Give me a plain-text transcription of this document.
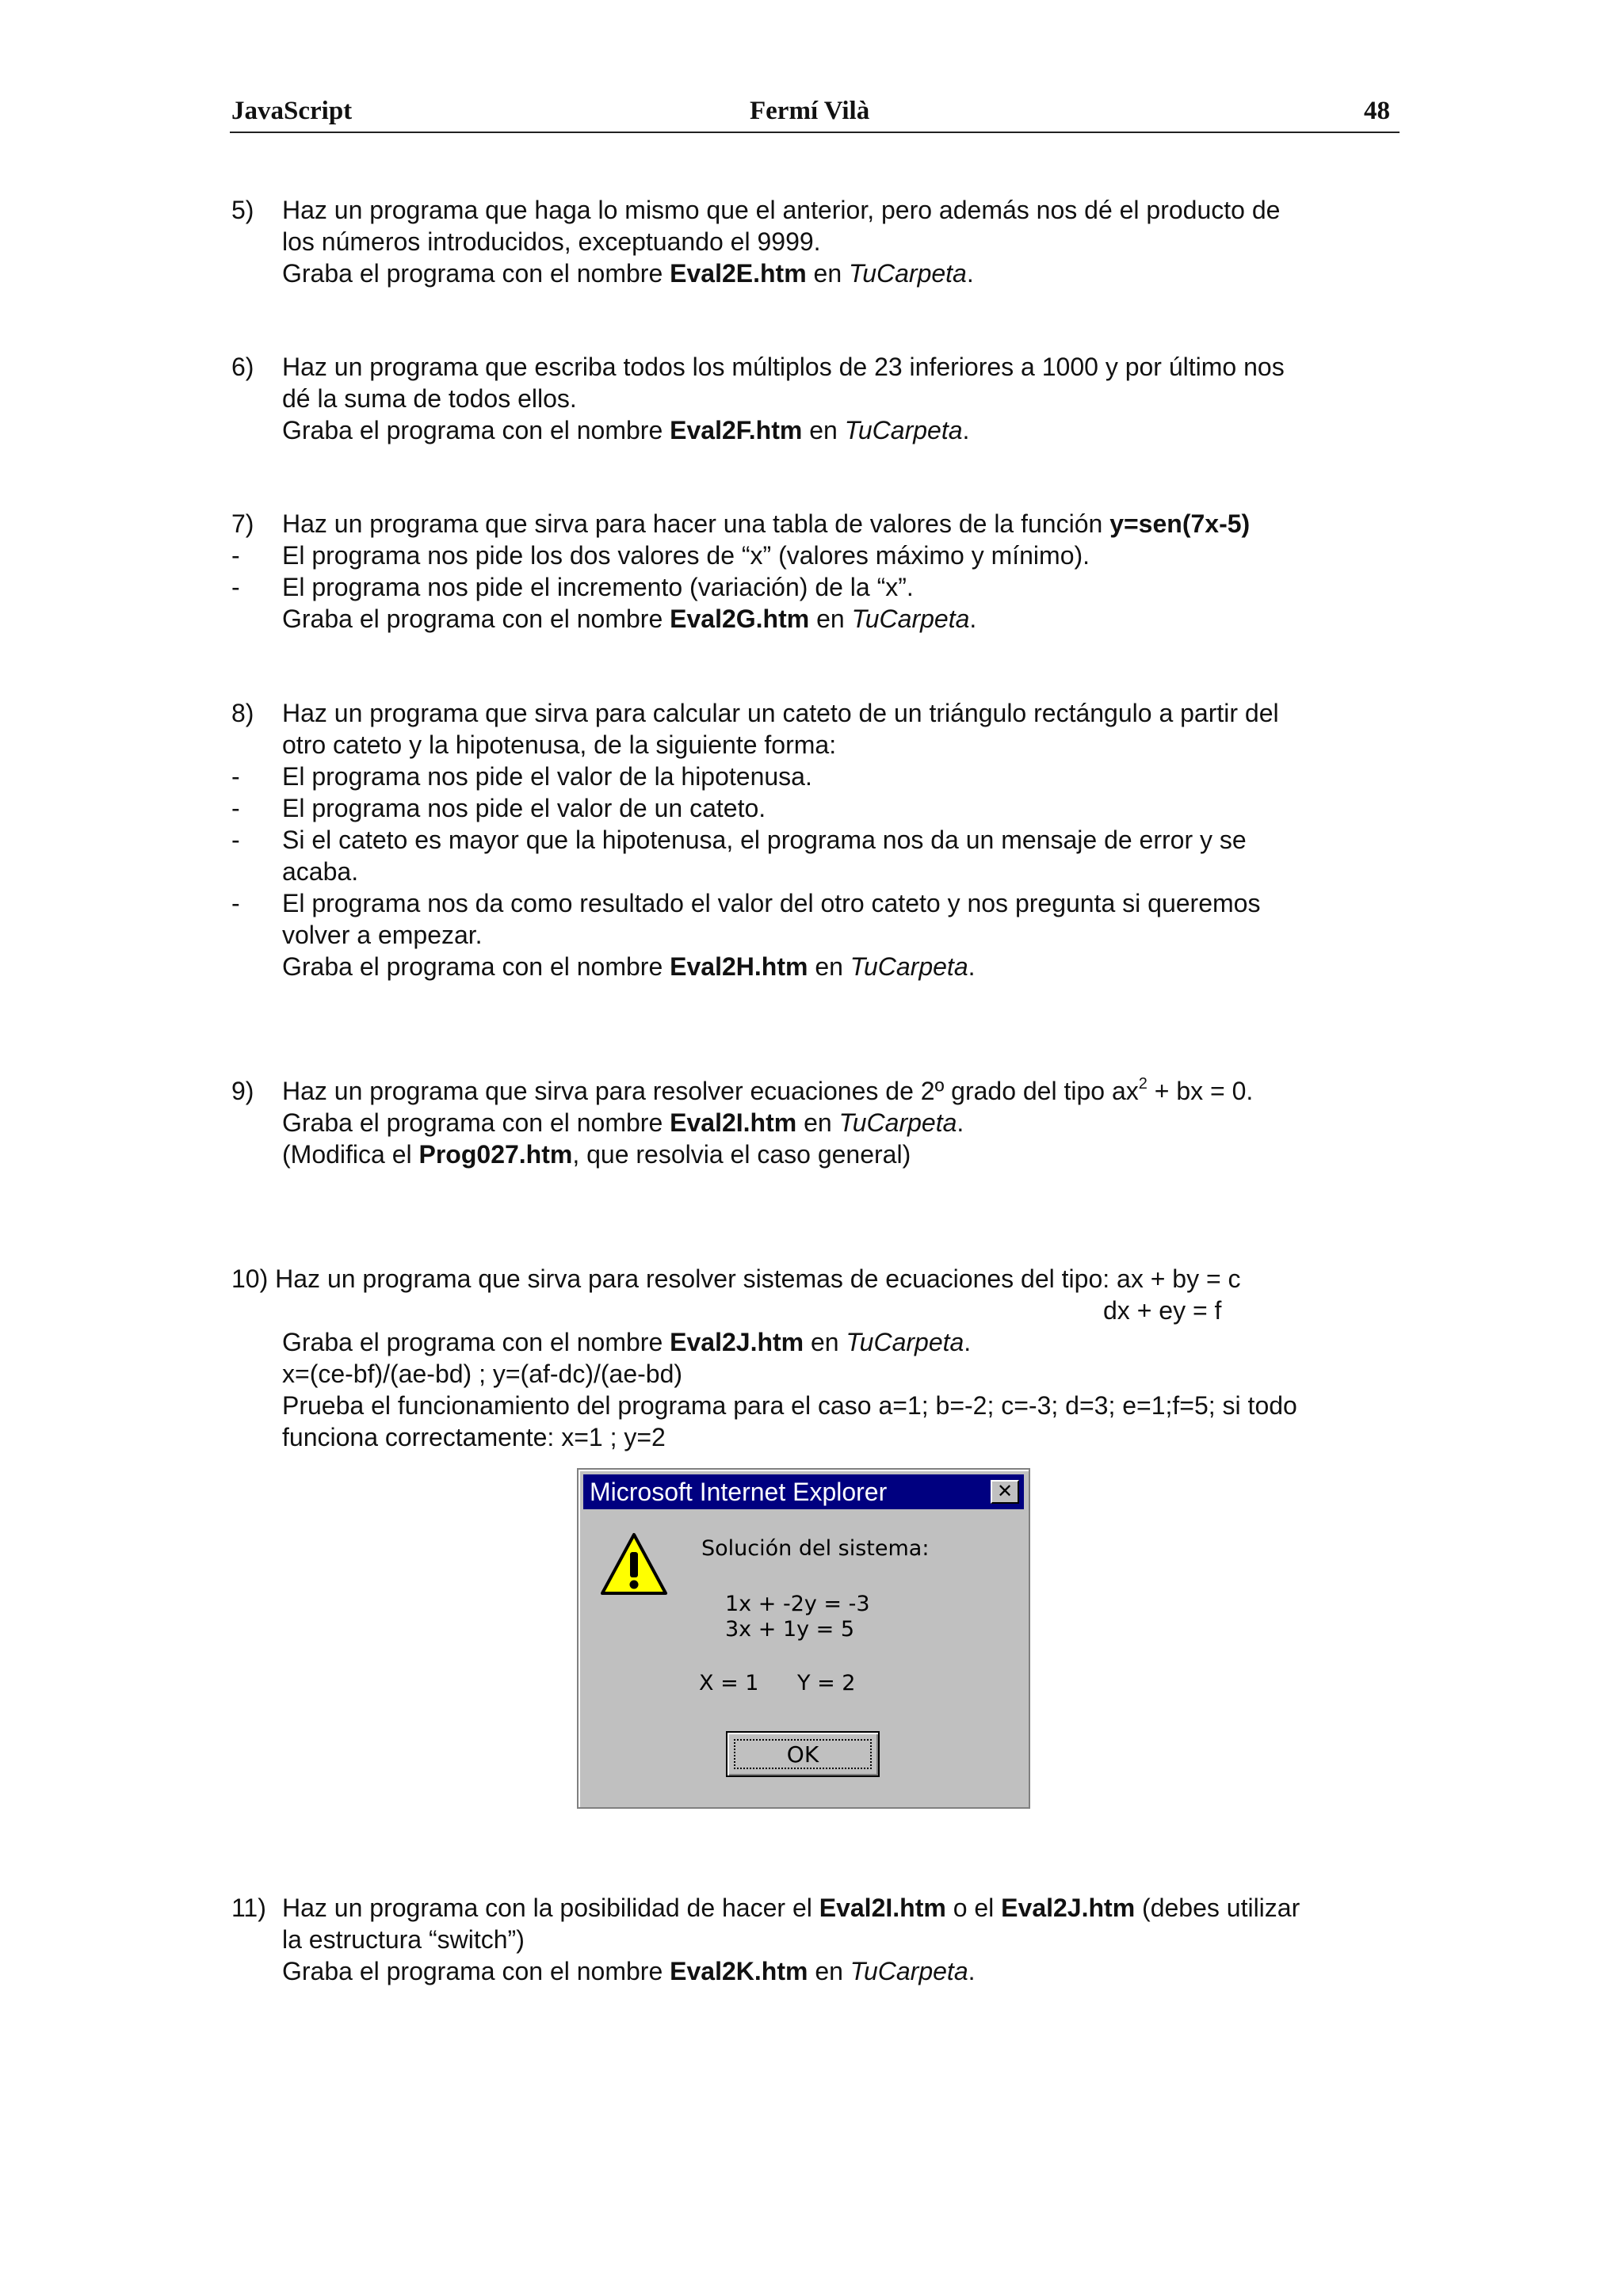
JavaScript	Fermí Vilà	48
5) Haz un programa que haga lo mismo que el anterior, pero además nos dé el producto de
los números introducidos, exceptuando el 9999.
Graba el programa con el nombre Eval2E.htm en TuCarpeta.
6) Haz un programa que escriba todos los múltiplos de 23 inferiores a 1000 y por último nos
dé la suma de todos ellos.
Graba el programa con el nombre Eval2F.htm en TuCarpeta.
7) Haz un programa que sirva para hacer una tabla de valores de la función y=sen(7x-5)
- El programa nos pide los dos valores de “x” (valores máximo y mínimo).
- El programa nos pide el incremento (variación) de la “x”.
Graba el programa con el nombre Eval2G.htm en TuCarpeta.
8) Haz un programa que sirva para calcular un cateto de un triángulo rectángulo a partir del
otro cateto y la hipotenusa, de la siguiente forma:
- El programa nos pide el valor de la hipotenusa.
- El programa nos pide el valor de un cateto.
- Si el cateto es mayor que la hipotenusa, el programa nos da un mensaje de error y se
acaba.
- El programa nos da como resultado el valor del otro cateto y nos pregunta si queremos
volver a empezar.
Graba el programa con el nombre Eval2H.htm en TuCarpeta.
9) Haz un programa que sirva para resolver ecuaciones de 2º grado del tipo $ax^2$ + bx = 0.
Graba el programa con el nombre Eval2I.htm en TuCarpeta.
(Modifica el Prog027.htm, que resolvia el caso general)
10) Haz un programa que sirva para resolver sistemas de ecuaciones del tipo: ax + by = c
dx + ey = f
Graba el programa con el nombre Eval2J.htm en TuCarpeta.
x=(ce-bf)/(ae-bd) ; y=(af-dc)/(ae-bd)
Prueba el funcionamiento del programa para el caso a=1; b=-2; c=-3; d=3; e=1;f=5; si todo
funciona correctamente: x=1 ; y=2
Microsoft Internet Explorer	✕
Solución del sistema:
1x + -2y = -3
3x + 1y = 5
X = 1 Y = 2
OK
11) Haz un programa con la posibilidad de hacer el Eval2I.htm o el Eval2J.htm (debes utilizar
la estructura “switch”)
Graba el programa con el nombre Eval2K.htm en TuCarpeta.
